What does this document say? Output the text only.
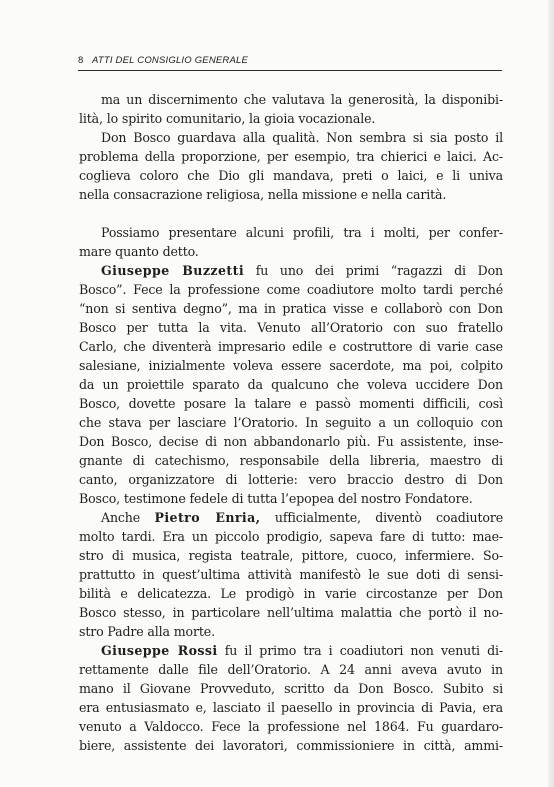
8 ATTI DEL CONSIGLIO GENERALE
ma un discernimento che valutava la generosità, la disponibi-
lità, lo spirito comunitario, la gioia vocazionale.
Don Bosco guardava alla qualità. Non sembra si sia posto il
problema della proporzione, per esempio, tra chierici e laici. Ac-
coglieva coloro che Dio gli mandava, preti o laici, e li univa
nella consacrazione religiosa, nella missione e nella carità.
Possiamo presentare alcuni profili, tra i molti, per confer-
mare quanto detto.
Giuseppe Buzzetti fu uno dei primi “ragazzi di Don
Bosco”. Fece la professione come coadiutore molto tardi perché
“non si sentiva degno”, ma in pratica visse e collaborò con Don
Bosco per tutta la vita. Venuto all’Oratorio con suo fratello
Carlo, che diventerà impresario edile e costruttore di varie case
salesiane, inizialmente voleva essere sacerdote, ma poi, colpito
da un proiettile sparato da qualcuno che voleva uccidere Don
Bosco, dovette posare la talare e passò momenti difficili, così
che stava per lasciare l’Oratorio. In seguito a un colloquio con
Don Bosco, decise di non abbandonarlo più. Fu assistente, inse-
gnante di catechismo, responsabile della libreria, maestro di
canto, organizzatore di lotterie: vero braccio destro di Don
Bosco, testimone fedele di tutta l’epopea del nostro Fondatore.
Anche Pietro Enria, ufficialmente, diventò coadiutore
molto tardi. Era un piccolo prodigio, sapeva fare di tutto: mae-
stro di musica, regista teatrale, pittore, cuoco, infermiere. So-
prattutto in quest’ultima attività manifestò le sue doti di sensi-
bilità e delicatezza. Le prodigò in varie circostanze per Don
Bosco stesso, in particolare nell’ultima malattia che portò il no-
stro Padre alla morte.
Giuseppe Rossi fu il primo tra i coadiutori non venuti di-
rettamente dalle file dell’Oratorio. A 24 anni aveva avuto in
mano il Giovane Provveduto, scritto da Don Bosco. Subito si
era entusiasmato e, lasciato il paesello in provincia di Pavia, era
venuto a Valdocco. Fece la professione nel 1864. Fu guardaro-
biere, assistente dei lavoratori, commissioniere in città, ammi-
